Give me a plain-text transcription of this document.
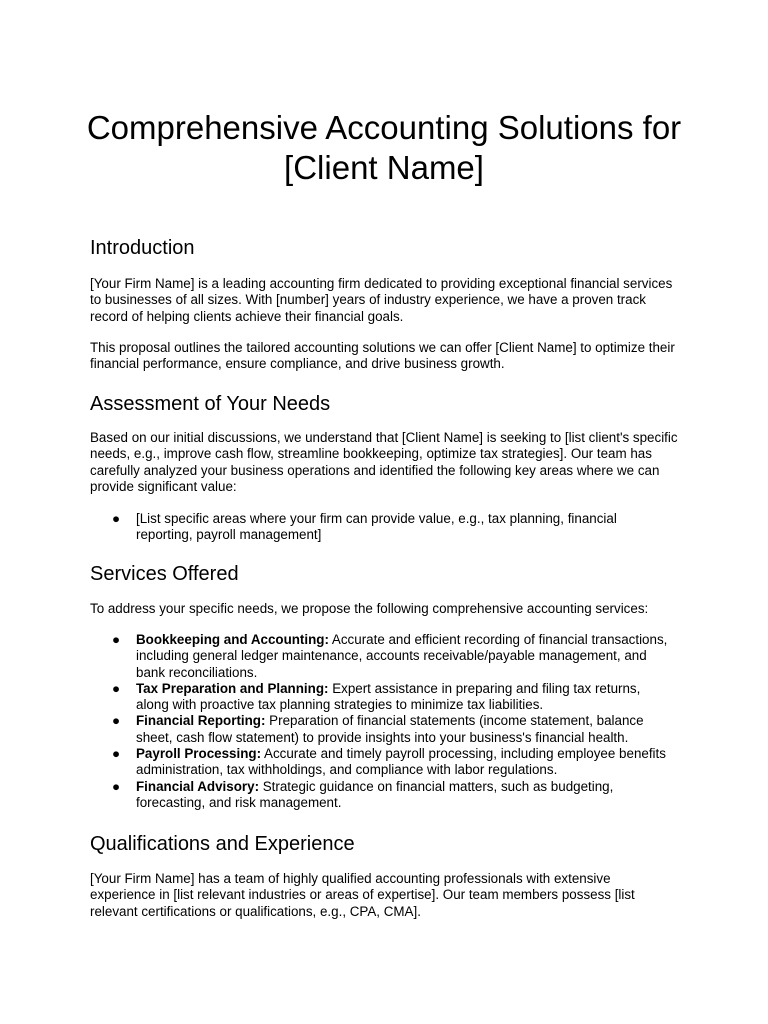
Comprehensive Accounting Solutions for [Client Name]
Introduction

[Your Firm Name] is a leading accounting firm dedicated to providing exceptional financial services to businesses of all sizes. With [number] years of industry experience, we have a proven track record of helping clients achieve their financial goals.

This proposal outlines the tailored accounting solutions we can offer [Client Name] to optimize their financial performance, ensure compliance, and drive business growth.

Assessment of Your Needs

Based on our initial discussions, we understand that [Client Name] is seeking to [list client's specific needs, e.g., improve cash flow, streamline bookkeeping, optimize tax strategies]. Our team has carefully analyzed your business operations and identified the following key areas where we can provide significant value:

● [List specific areas where your firm can provide value, e.g., tax planning, financial reporting, payroll management]
Services Offered

To address your specific needs, we propose the following comprehensive accounting services:

● Bookkeeping and Accounting: Accurate and efficient recording of financial transactions, including general ledger maintenance, accounts receivable/payable management, and bank reconciliations.
● Tax Preparation and Planning: Expert assistance in preparing and filing tax returns, along with proactive tax planning strategies to minimize tax liabilities.
● Financial Reporting: Preparation of financial statements (income statement, balance sheet, cash flow statement) to provide insights into your business's financial health.
● Payroll Processing: Accurate and timely payroll processing, including employee benefits administration, tax withholdings, and compliance with labor regulations.
● Financial Advisory: Strategic guidance on financial matters, such as budgeting, forecasting, and risk management.
Qualifications and Experience

[Your Firm Name] has a team of highly qualified accounting professionals with extensive experience in [list relevant industries or areas of expertise]. Our team members possess [list relevant certifications or qualifications, e.g., CPA, CMA].
